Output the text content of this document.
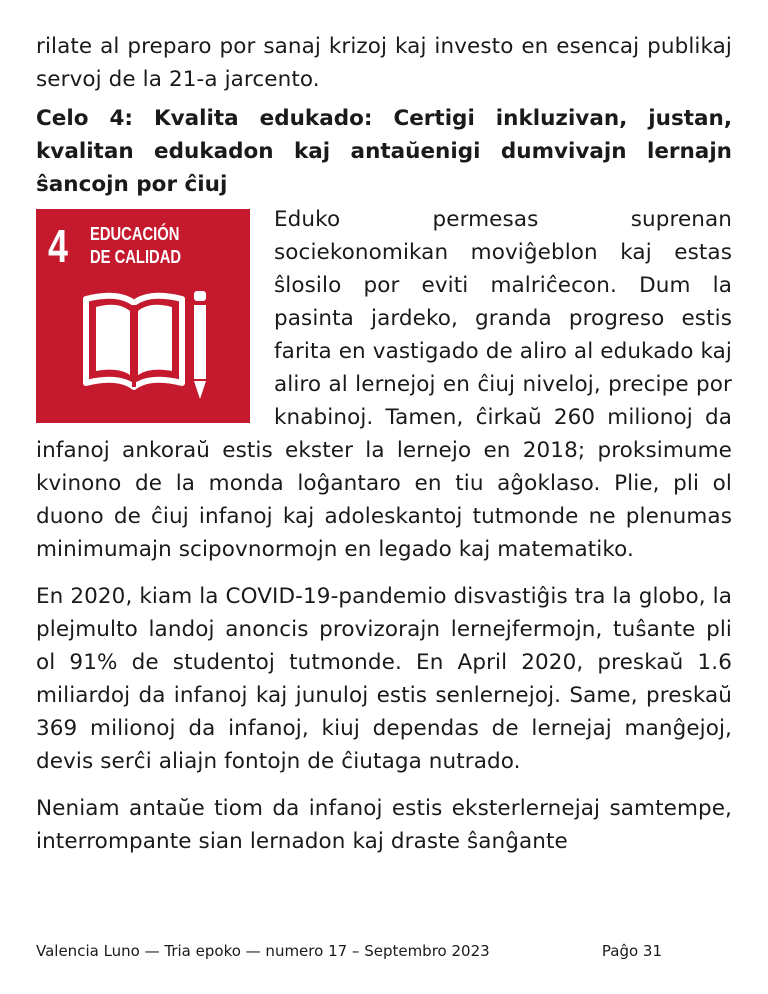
rilate al preparo por sanaj krizoj kaj investo en esencaj publikaj servoj de la 21-a jarcento.

Celo 4: Kvalita edukado: Certigi inkluzivan, justan, kvalitan edukadon kaj antaŭenigi dumvivajn lernajn ŝancojn por ĉiuj
4 EDUCACIÓN
DE CALIDAD

Eduko permesas suprenan sociekonomikan moviĝeblon kaj estas ŝlosilo por eviti malriĉecon. Dum la pasinta jardeko, granda progreso estis farita en vastigado de aliro al edukado kaj aliro al lernejoj en ĉiuj niveloj, precipe por knabinoj. Tamen, ĉirkaŭ 260 milionoj da infanoj ankoraŭ estis ekster la lernejo en 2018; proksimume kvinono de la monda loĝantaro en tiu aĝoklaso. Plie, pli ol duono de ĉiuj infanoj kaj adoleskantoj tutmonde ne plenumas minimumajn scipovnormojn en legado kaj matematiko.

En 2020, kiam la COVID-19-pandemio disvastiĝis tra la globo, la plejmulto landoj anoncis provizorajn lernejfermojn, tuŝante pli ol 91% de studentoj tutmonde. En April 2020, preskaŭ 1.6 miliardoj da infanoj kaj junuloj estis senlernejoj. Same, preskaŭ 369 milionoj da infanoj, kiuj dependas de lernejaj manĝejoj, devis serĉi aliajn fontojn de ĉiutaga nutrado.

Neniam antaŭe tiom da infanoj estis eksterlernejaj samtempe, interrompante sian lernadon kaj draste ŝanĝante

Valencia Luno — Tria epoko — numero 17 – Septembro 2023	Paĝo 31
